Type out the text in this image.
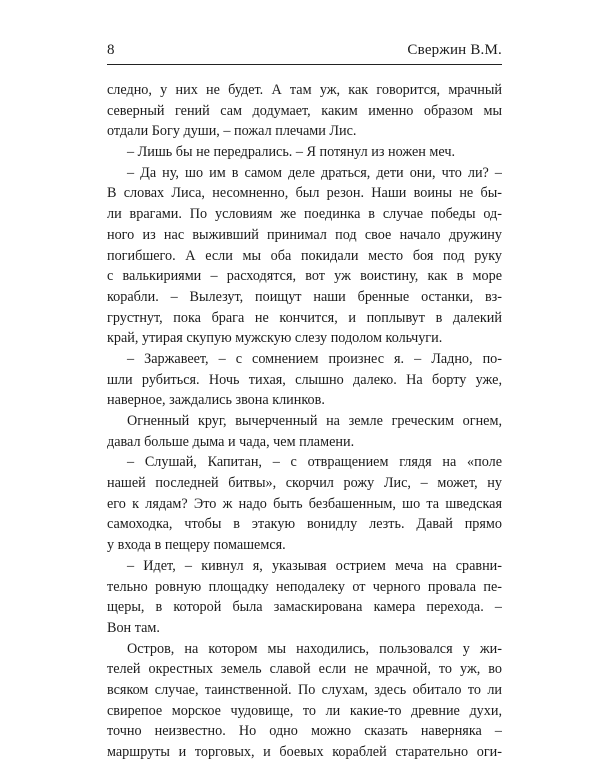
8	Свержин В.М.
следно, у них не будет. А там уж, как говорится, мрачный
северный гений сам додумает, каким именно образом мы
отдали Богу души, – пожал плечами Лис.
– Лишь бы не передрались. – Я потянул из ножен меч.
– Да ну, шо им в самом деле драться, дети они, что ли? –
В словах Лиса, несомненно, был резон. Наши воины не бы-
ли врагами. По условиям же поединка в случае победы од-
ного из нас выживший принимал под свое начало дружину
погибшего. А если мы оба покидали место боя под руку
с валькириями – расходятся, вот уж воистину, как в море
корабли. – Вылезут, поищут наши бренные останки, вз-
грустнут, пока брага не кончится, и поплывут в далекий
край, утирая скупую мужскую слезу подолом кольчуги.
– Заржавеет, – с сомнением произнес я. – Ладно, по-
шли рубиться. Ночь тихая, слышно далеко. На борту уже,
наверное, заждались звона клинков.
Огненный круг, вычерченный на земле греческим огнем,
давал больше дыма и чада, чем пламени.
– Слушай, Капитан, – с отвращением глядя на «поле
нашей последней битвы», скорчил рожу Лис, – может, ну
его к лядам? Это ж надо быть безбашенным, шо та шведская
самоходка, чтобы в этакую вонидлу лезть. Давай прямо
у входа в пещеру помашемся.
– Идет, – кивнул я, указывая острием меча на сравни-
тельно ровную площадку неподалеку от черного провала пе-
щеры, в которой была замаскирована камера перехода. –
Вон там.
Остров, на котором мы находились, пользовался у жи-
телей окрестных земель славой если не мрачной, то уж, во
всяком случае, таинственной. По слухам, здесь обитало то ли
свирепое морское чудовище, то ли какие-то древние духи,
точно неизвестно. Но одно можно сказать наверняка –
маршруты и торговых, и боевых кораблей старательно оги-
